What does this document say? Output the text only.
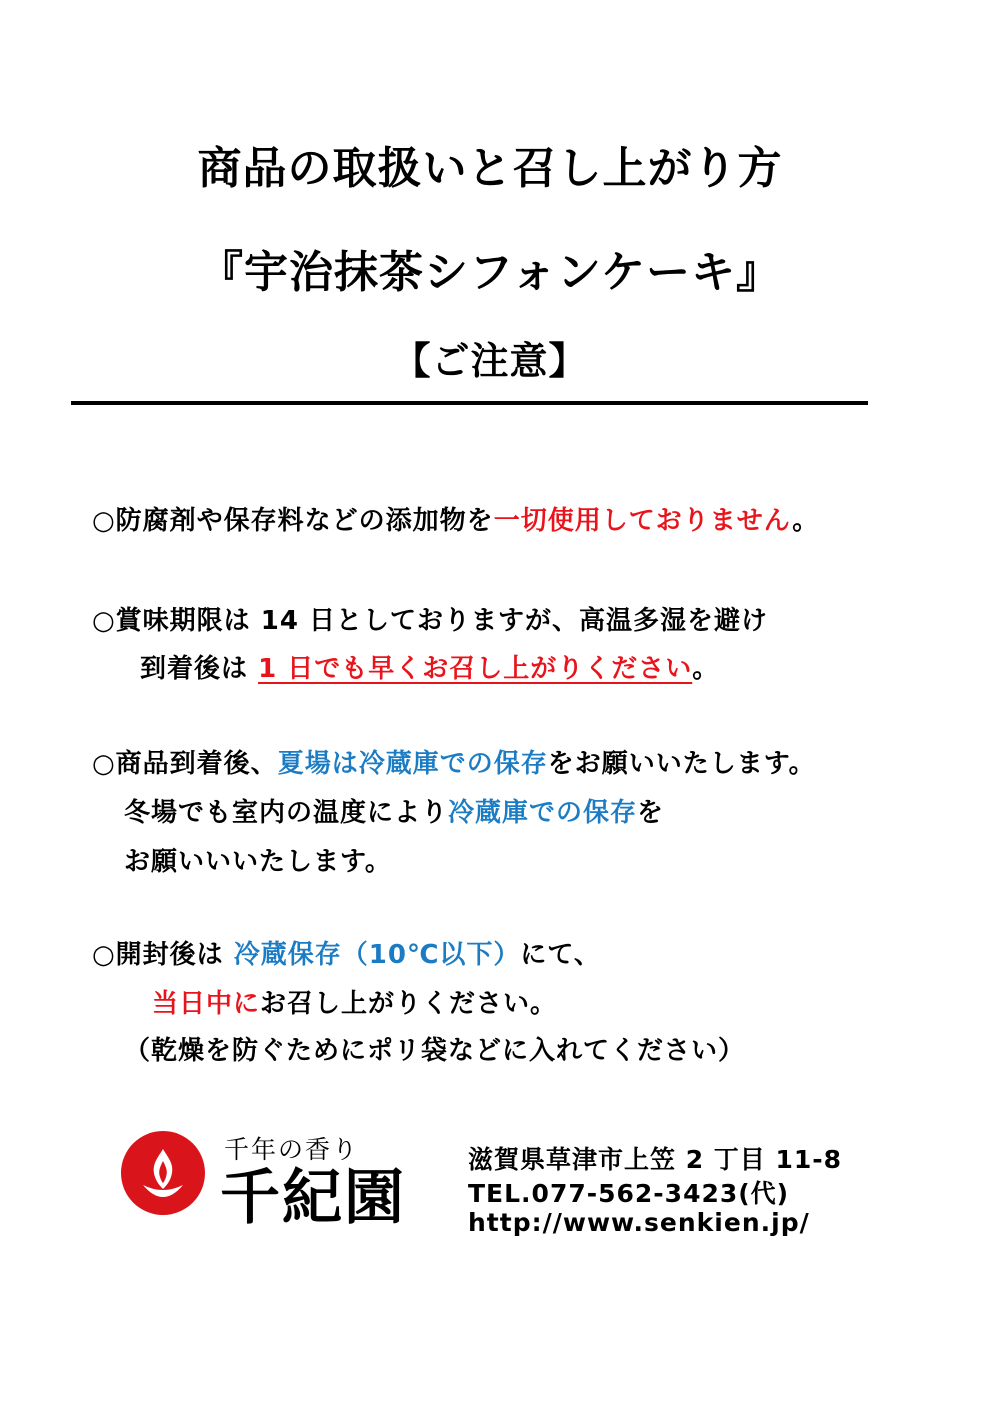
商品の取扱いと召し上がり方
『宇治抹茶シフォンケーキ』
【ご注意】
○防腐剤や保存料などの添加物を一切使用しておりません。
○賞味期限は 14 日としておりますが、高温多湿を避け
到着後は 1 日でも早くお召し上がりください。
○商品到着後、夏場は冷蔵庫での保存をお願いいたします。
冬場でも室内の温度により冷蔵庫での保存を
お願いいいたします。
○開封後は 冷蔵保存（10℃以下）にて、
当日中にお召し上がりください。
（乾燥を防ぐためにポリ袋などに入れてください）
千年の香り
千紀園
滋賀県草津市上笠 2 丁目 11-8
TEL.077-562-3423(代)
http://www.senkien.jp/
